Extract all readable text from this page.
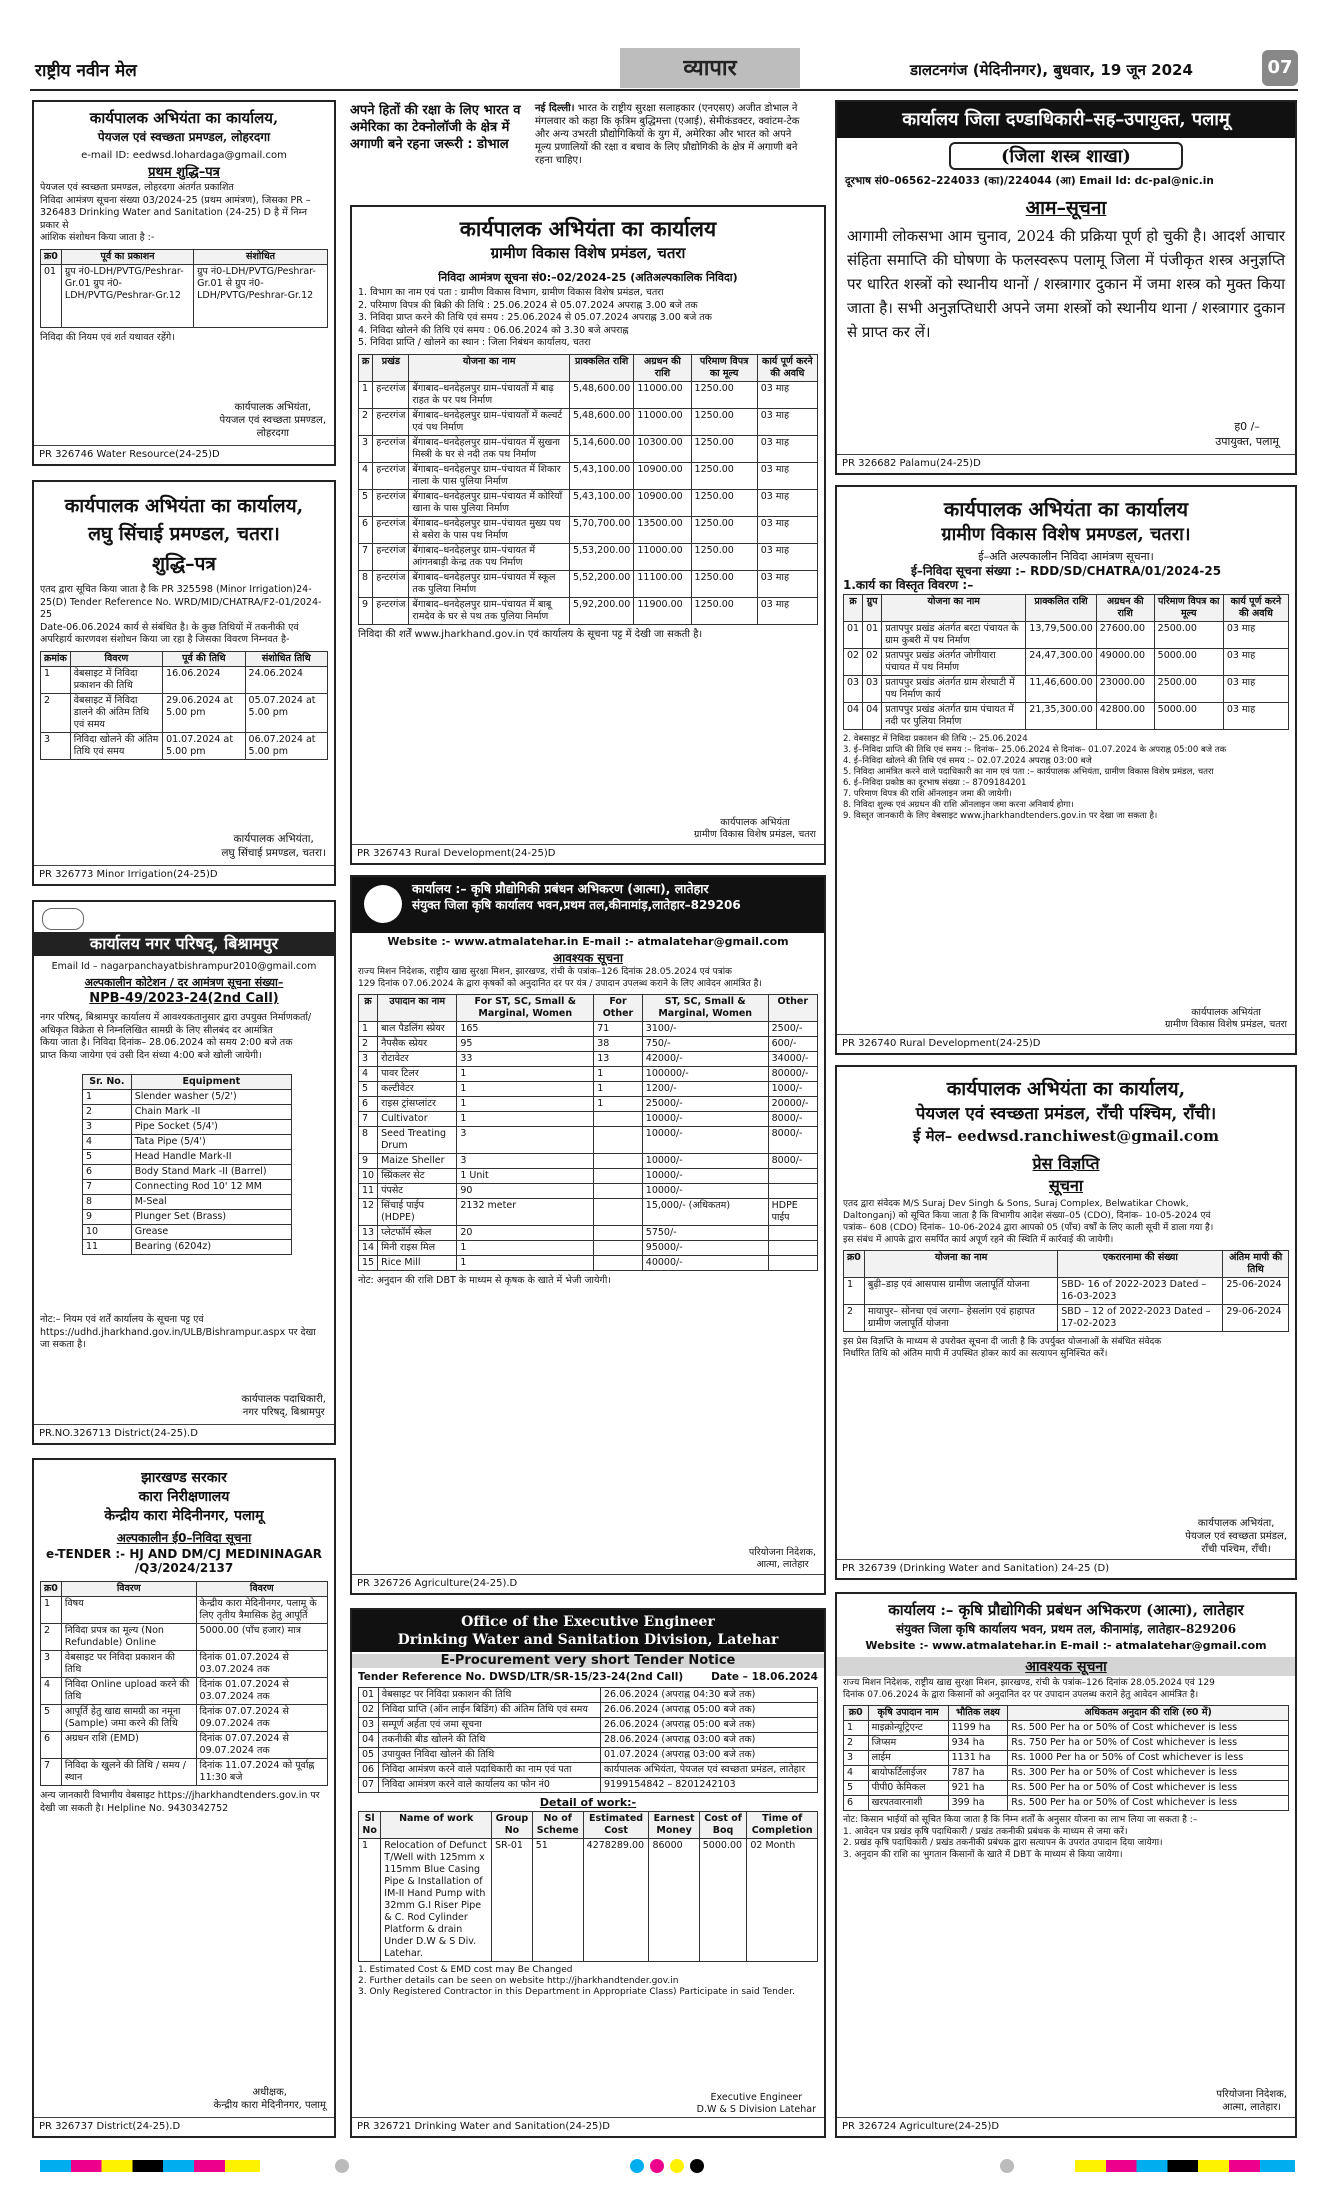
राष्ट्रीय नवीन मेल	व्यापार	डालटनगंज (मेदिनीनगर), बुधवार, 19 जून 2024	07
कार्यपालक अभियंता का कार्यालय,
पेयजल एवं स्वच्छता प्रमण्डल, लोहरदगा
e-mail ID: eedwsd.lohardaga@gmail.com
प्रथम शुद्धि–पत्र
पेयजल एवं स्वच्छता प्रमण्डल, लोहरदगा अंतर्गत प्रकाशित
निविदा आमंत्रण सूचना संख्या 03/2024-25 (प्रथम आमंत्रण), जिसका PR –
326483 Drinking Water and Sanitation (24-25) D है में निम्न प्रकार से
आंशिक संशोधन किया जाता है :-
क्र0	पूर्व का प्रकाशन	संशोधित
01	ग्रुप नं0-LDH/PVTG/Peshrar-Gr.01 ग्रुप नं0-LDH/PVTG/Peshrar-Gr.12	ग्रुप नं0-LDH/PVTG/Peshrar-Gr.01 से ग्रुप नं0-LDH/PVTG/Peshrar-Gr.12
निविदा की नियम एवं शर्त यथावत रहेंगे।
कार्यपालक अभियंता,
पेयजल एवं स्वच्छता प्रमण्डल,
लोहरदगा
PR 326746 Water Resource(24-25)D
कार्यपालक अभियंता का कार्यालय,
लघु सिंचाई प्रमण्डल, चतरा।
शुद्धि–पत्र
एतद द्वारा सूचित किया जाता है कि PR 325598 (Minor Irrigation)24-
25(D) Tender Reference No. WRD/MID/CHATRA/F2-01/2024-25
Date-06.06.2024 कार्य से संबंधित है। के कुछ तिथियों में तकनीकी एवं
अपरिहार्य कारणवश संशोधन किया जा रहा है जिसका विवरण निम्नवत है-
क्रमांक	विवरण	पूर्व की तिथि	संशोधित तिथि
1	वेबसाइट में निविदा प्रकाशन की तिथि	16.06.2024	24.06.2024
2	वेबसाइट में निविदा डालने की अंतिम तिथि एवं समय	29.06.2024 at 5.00 pm	05.07.2024 at 5.00 pm
3	निविदा खोलने की अंतिम तिथि एवं समय	01.07.2024 at 5.00 pm	06.07.2024 at 5.00 pm
कार्यपालक अभियंता,
लघु सिंचाई प्रमण्डल, चतरा।
PR 326773 Minor Irrigation(24-25)D
कार्यालय नगर परिषद्, बिश्रामपुर
Email Id – nagarpanchayatbishrampur2010@gmail.com
अल्पकालीन कोटेशन / दर आमंत्रण सूचना संख्या–
NPB-49/2023-24(2nd Call)
नगर परिषद्, बिश्रामपुर कार्यालय में आवश्यकतानुसार द्वारा उपयुक्त निर्माणकर्ता/
अधिकृत विक्रेता से निम्नलिखित सामग्री के लिए सीलबंद दर आमंत्रित
किया जाता है। निविदा दिनांक– 28.06.2024 को समय 2:00 बजे तक
प्राप्त किया जायेगा एवं उसी दिन संध्या 4:00 बजे खोली जायेगी।
Sr. No.	Equipment
1	Slender washer (5/2')
2	Chain Mark -II
3	Pipe Socket (5/4')
4	Tata Pipe (5/4')
5	Head Handle Mark-II
6	Body Stand Mark -II (Barrel)
7	Connecting Rod 10' 12 MM
8	M-Seal
9	Plunger Set (Brass)
10	Grease
11	Bearing (6204z)
नोट:– नियम एवं शर्तें कार्यालय के सूचना पट्ट एवं https://udhd.jharkhand.gov.in/ULB/Bishrampur.aspx पर देखा जा सकता है।
कार्यपालक पदाधिकारी,
नगर परिषद्, बिश्रामपुर
PR.NO.326713 District(24-25).D
झारखण्ड सरकार
कारा निरीक्षणालय
केन्द्रीय कारा मेदिनीनगर, पलामू
अल्पकालीन ई0–निविदा सूचना
e-TENDER :- HJ AND DM/CJ MEDININAGAR /Q3/2024/2137
क्र0	विवरण	विवरण
1	विषय	केन्द्रीय कारा मेदिनीनगर, पलामू के लिए तृतीय त्रैमासिक हेतु आपूर्ति
2	निविदा प्रपत्र का मूल्य (Non Refundable) Online	5000.00 (पाँच हजार) मात्र
3	वेबसाइट पर निविदा प्रकाशन की तिथि	दिनांक 01.07.2024 से 03.07.2024 तक
4	निविदा Online upload करने की तिथि	दिनांक 01.07.2024 से 03.07.2024 तक
5	आपूर्ति हेतु खाद्य सामग्री का नमूना (Sample) जमा करने की तिथि	दिनांक 07.07.2024 से 09.07.2024 तक
6	अग्रधन राशि (EMD)	दिनांक 07.07.2024 से 09.07.2024 तक
7	निविदा के खुलने की तिथि / समय / स्थान	दिनांक 11.07.2024 को पूर्वाह्न 11:30 बजे
अन्य जानकारी विभागीय वेबसाइट https://jharkhandtenders.gov.in पर देखी जा सकती है। Helpline No. 9430342752
अधीक्षक,
केन्द्रीय कारा मेदिनीनगर, पलामू
PR 326737 District(24-25).D
अपने हितों की रक्षा के लिए भारत व अमेरिका का टेक्नोलॉजी के क्षेत्र में अगाणी बने रहना जरूरी : डोभाल
नई दिल्ली। भारत के राष्ट्रीय सुरक्षा सलाहकार (एनएसए) अजीत डोभाल ने मंगलवार को कहा कि कृत्रिम बुद्धिमत्ता (एआई), सेमीकंडक्टर, क्वांटम-टेक और अन्य उभरती प्रौद्योगिकियों के युग में, अमेरिका और भारत को अपने मूल्य प्रणालियों की रक्षा व बचाव के लिए प्रौद्योगिकी के क्षेत्र में अगाणी बने रहना चाहिए।
कार्यपालक अभियंता का कार्यालय
ग्रामीण विकास विशेष प्रमंडल, चतरा
निविदा आमंत्रण सूचना सं0:–02/2024-25 (अतिअल्पकालिक निविदा)
1. विभाग का नाम एवं पता : ग्रामीण विकास विभाग, ग्रामीण विकास विशेष प्रमंडल, चतरा
2. परिमाण विपत्र की बिक्री की तिथि : 25.06.2024 से 05.07.2024 अपराह्न 3.00 बजे तक
3. निविदा प्राप्त करने की तिथि एवं समय : 25.06.2024 से 05.07.2024 अपराह्न 3.00 बजे तक
4. निविदा खोलने की तिथि एवं समय : 06.06.2024 को 3.30 बजे अपराह्न
5. निविदा प्राप्ति / खोलने का स्थान : जिला निबंधन कार्यालय, चतरा
क्र	प्रखंड	योजना का नाम	प्राक्कलित राशि	अग्रधन की राशि	परिमाण विपत्र का मूल्य	कार्य पूर्ण करने की अवधि
1	हन्टरगंज	बेंगाबाद–धनदेहलपुर ग्राम–पंचायतों में बाढ़ राहत के पर पथ निर्माण	5,48,600.00	11000.00	1250.00	03 माह
2	हन्टरगंज	बेंगाबाद–धनदेहलपुर ग्राम–पंचायतों में कल्वर्ट एवं पथ निर्माण	5,48,600.00	11000.00	1250.00	03 माह
3	हन्टरगंज	बेंगाबाद–धनदेहलपुर ग्राम–पंचायत में सुखना मिस्त्री के घर से नदी तक पथ निर्माण	5,14,600.00	10300.00	1250.00	03 माह
4	हन्टरगंज	बेंगाबाद–धनदेहलपुर ग्राम–पंचायत में शिकार नाला के पास पुलिया निर्माण	5,43,100.00	10900.00	1250.00	03 माह
5	हन्टरगंज	बेंगाबाद–धनदेहलपुर ग्राम–पंचायत में कोरियाँ खाना के पास पुलिया निर्माण	5,43,100.00	10900.00	1250.00	03 माह
6	हन्टरगंज	बेंगाबाद–धनदेहलपुर ग्राम–पंचायत मुख्य पथ से बसेरा के पास पथ निर्माण	5,70,700.00	13500.00	1250.00	03 माह
7	हन्टरगंज	बेंगाबाद–धनदेहलपुर ग्राम–पंचायत में आंगनबाड़ी केन्द्र तक पथ निर्माण	5,53,200.00	11000.00	1250.00	03 माह
8	हन्टरगंज	बेंगाबाद–धनदेहलपुर ग्राम–पंचायत में स्कूल तक पुलिया निर्माण	5,52,200.00	11100.00	1250.00	03 माह
9	हन्टरगंज	बेंगाबाद–धनदेहलपुर ग्राम–पंचायत में बाबू रामदेव के घर से पथ तक पुलिया निर्माण	5,92,200.00	11900.00	1250.00	03 माह
निविदा की शर्तें www.jharkhand.gov.in एवं कार्यालय के सूचना पट्ट में देखी जा सकती है।
कार्यपालक अभियंता
ग्रामीण विकास विशेष प्रमंडल, चतरा
PR 326743 Rural Development(24-25)D
कार्यालय :– कृषि प्रौद्योगिकी प्रबंधन अभिकरण (आत्मा), लातेहार
संयुक्त जिला कृषि कार्यालय भवन,प्रथम तल,कीनामांड़,लातेहार–829206
Website :- www.atmalatehar.in E-mail :- atmalatehar@gmail.com
आवश्यक सूचना
राज्य मिशन निदेशक, राष्ट्रीय खाद्य सुरक्षा मिशन, झारखण्ड, रांची के पत्रांक–126 दिनांक 28.05.2024 एवं पत्रांक
129 दिनांक 07.06.2024 के द्वारा कृषकों को अनुदानित दर पर यंत्र / उपादान उपलब्ध कराने के लिए आवेदन आमंत्रित है।
क्र	उपादान का नाम	For ST, SC, Small & Marginal, Women	For Other	ST, SC, Small & Marginal, Women	Other
1	बाल पैडलिंग स्प्रेयर	165	71	3100/-	2500/-
2	नैपसैक स्प्रेयर	95	38	750/-	600/-
3	रोटावेटर	33	13	42000/-	34000/-
4	पावर टिलर	1	1	100000/-	80000/-
5	कल्टीवेटर	1	1	1200/-	1000/-
6	राइस ट्रांसप्लांटर	1	1	25000/-	20000/-
7	Cultivator	1		10000/-	8000/-
8	Seed Treating Drum	3		10000/-	8000/-
9	Maize Sheller	3		10000/-	8000/-
10	स्प्रिंकलर सेट	1 Unit		10000/-	
11	पंपसेट	90		10000/-	
12	सिंचाई पाईप (HDPE)	2132 meter		15,000/- (अधिकतम)	HDPE पाईप
13	प्लेटफॉर्म स्केल	20		5750/-	
14	मिनी राइस मिल	1		95000/-	
15	Rice Mill	1		40000/-	
नोट: अनुदान की राशि DBT के माध्यम से कृषक के खाते में भेजी जायेगी।
परियोजना निदेशक,
आत्मा, लातेहार
PR 326726 Agriculture(24-25).D
Office of the Executive Engineer
Drinking Water and Sanitation Division, Latehar
E-Procurement very short Tender Notice
Tender Reference No. DWSD/LTR/SR-15/23-24(2nd Call)	Date – 18.06.2024
01	वेबसाइट पर निविदा प्रकाशन की तिथि	26.06.2024 (अपराह्न 04:30 बजे तक)
02	निविदा प्राप्ति (ऑन लाईन बिडिंग) की अंतिम तिथि एवं समय	26.06.2024 (अपराह्न 05:00 बजे तक)
03	सम्पूर्ण अर्हता एवं जमा सूचना	26.06.2024 (अपराह्न 05:00 बजे तक)
04	तकनीकी बीड खोलने की तिथि	28.06.2024 (अपराह्न 03:00 बजे तक)
05	उपायुक्त निविदा खोलने की तिथि	01.07.2024 (अपराह्न 03:00 बजे तक)
06	निविदा आमंत्रण करने वाले पदाधिकारी का नाम एवं पता	कार्यपालक अभियंता, पेयजल एवं स्वच्छता प्रमंडल, लातेहार
07	निविदा आमंत्रण करने वाले कार्यालय का फोन नं0	9199154842 – 8201242103
Detail of work:-
Sl No	Name of work	Group No	No of Scheme	Estimated Cost	Earnest Money	Cost of Boq	Time of Completion
1	Relocation of Defunct T/Well with 125mm x 115mm Blue Casing Pipe & Installation of IM-II Hand Pump with 32mm G.I Riser Pipe & C. Rod Cylinder Platform & drain Under D.W & S Div. Latehar.	SR-01	51	4278289.00	86000	5000.00	02 Month
1. Estimated Cost & EMD cost may Be Changed
2. Further details can be seen on website http://jharkhandtender.gov.in
3. Only Registered Contractor in this Department in Appropriate Class) Participate in said Tender.
Executive Engineer
D.W & S Division Latehar
PR 326721 Drinking Water and Sanitation(24-25)D
कार्यालय जिला दण्डाधिकारी–सह–उपायुक्त, पलामू
(जिला शस्त्र शाखा)
दूरभाष सं0–06562–224033 (का)/224044 (आ) Email Id: dc-pal@nic.in
आम–सूचना
आगामी लोकसभा आम चुनाव, 2024 की प्रक्रिया पूर्ण हो चुकी है। आदर्श आचार संहिता समाप्ति की घोषणा के फलस्वरूप पलामू जिला में पंजीकृत शस्त्र अनुज्ञप्ति पर धारित शस्त्रों को स्थानीय थानों / शस्त्रागार दुकान में जमा शस्त्र को मुक्त किया जाता है। सभी अनुज्ञप्तिधारी अपने जमा शस्त्रों को स्थानीय थाना / शस्त्रागार दुकान से प्राप्त कर लें।
ह0 /–
उपायुक्त, पलामू
PR 326682 Palamu(24-25)D
कार्यपालक अभियंता का कार्यालय
ग्रामीण विकास विशेष प्रमण्डल, चतरा।
ई–अति अल्पकालीन निविदा आमंत्रण सूचना।
ई–निविदा सूचना संख्या :– RDD/SD/CHATRA/01/2024-25
1.कार्य का विस्तृत विवरण :–
क्र	ग्रुप	योजना का नाम	प्राक्कलित राशि	अग्रधन की राशि	परिमाण विपत्र का मूल्य	कार्य पूर्ण करने की अवधि
01	01	प्रतापपुर प्रखंड अंतर्गत बरटा पंचायत के ग्राम कुबरी में पथ निर्माण	13,79,500.00	27600.00	2500.00	03 माह
02	02	प्रतापपुर प्रखंड अंतर्गत जोगीयारा पंचायत में पथ निर्माण	24,47,300.00	49000.00	5000.00	03 माह
03	03	प्रतापपुर प्रखंड अंतर्गत ग्राम शेरघाटी में पथ निर्माण कार्य	11,46,600.00	23000.00	2500.00	03 माह
04	04	प्रतापपुर प्रखंड अंतर्गत ग्राम पंचायत में नदी पर पुलिया निर्माण	21,35,300.00	42800.00	5000.00	03 माह
2. वेबसाइट में निविदा प्रकाशन की तिथि :– 25.06.2024
3. ई–निविदा प्राप्ति की तिथि एवं समय :– दिनांक– 25.06.2024 से दिनांक– 01.07.2024 के अपराह्न 05:00 बजे तक
4. ई–निविदा खोलने की तिथि एवं समय :– 02.07.2024 अपराह्न 03:00 बजे
5. निविदा आमंत्रित करने वाले पदाधिकारी का नाम एवं पता :– कार्यपालक अभियंता, ग्रामीण विकास विशेष प्रमंडल, चतरा
6. ई–निविदा प्रकोष्ठ का दूरभाष संख्या :– 8709184201
7. परिमाण विपत्र की राशि ऑनलाइन जमा की जायेगी।
8. निविदा शुल्क एवं अग्रधन की राशि ऑनलाइन जमा करना अनिवार्य होगा।
9. विस्तृत जानकारी के लिए वेबसाइट www.jharkhandtenders.gov.in पर देखा जा सकता है।
कार्यपालक अभियंता
ग्रामीण विकास विशेष प्रमंडल, चतरा
PR 326740 Rural Development(24-25)D
कार्यपालक अभियंता का कार्यालय,
पेयजल एवं स्वच्छता प्रमंडल, रॉंची पश्चिम, रॉंची।
ई मेल– eedwsd.ranchiwest@gmail.com
प्रेस विज्ञप्ति
सूचना
एतद द्वारा संवेदक M/S Suraj Dev Singh & Sons, Suraj Complex, Belwatikar Chowk,
Daltonganj) को सूचित किया जाता है कि विभागीय आदेश संख्या–05 (CDO), दिनांक– 10-05-2024 एवं
पत्रांक– 608 (CDO) दिनांक– 10-06-2024 द्वारा आपको 05 (पाँच) वर्षों के लिए काली सूची में डाला गया है।
इस संबंध में आपके द्वारा समर्पित कार्य अपूर्ण रहने की स्थिति में कार्रवाई की जायेगी।
क्र0	योजना का नाम	एकरारनामा की संख्या	अंतिम मापी की तिथि
1	बुढ़ी–डाड़ एवं आसपास ग्रामीण जलापूर्ति योजना	SBD- 16 of 2022-2023 Dated – 16-03-2023	25-06-2024
2	मायापुर– सोनचा एवं जरगा– हेसलांग एवं हाहापत ग्रामीण जलापूर्ति योजना	SBD – 12 of 2022-2023 Dated – 17-02-2023	29-06-2024
इस प्रेस विज्ञप्ति के माध्यम से उपरोक्त सूचना दी जाती है कि उपर्युक्त योजनाओं के संबंधित संवेदक
निर्धारित तिथि को अंतिम मापी में उपस्थित होकर कार्य का सत्यापन सुनिश्चित करें।
कार्यपालक अभियंता,
पेयजल एवं स्वच्छता प्रमंडल,
रॉंची पश्चिम, रॉंची।
PR 326739 (Drinking Water and Sanitation) 24-25 (D)
कार्यालय :– कृषि प्रौद्योगिकी प्रबंधन अभिकरण (आत्मा), लातेहार
संयुक्त जिला कृषि कार्यालय भवन, प्रथम तल, कीनामांड़, लातेहार–829206
Website :- www.atmalatehar.in E-mail :- atmalatehar@gmail.com
आवश्यक सूचना
राज्य मिशन निदेशक, राष्ट्रीय खाद्य सुरक्षा मिशन, झारखण्ड, रांची के पत्रांक–126 दिनांक 28.05.2024 एवं 129
दिनांक 07.06.2024 के द्वारा किसानों को अनुदानित दर पर उपादान उपलब्ध कराने हेतु आवेदन आमंत्रित है।
क्र0	कृषि उपादान नाम	भौतिक लक्ष्य	अधिकतम अनुदान की राशि (रु0 में)
1	माइक्रोन्यूट्रिएन्ट	1199 ha	Rs. 500 Per ha or 50% of Cost whichever is less
2	जिप्सम	934 ha	Rs. 750 Per ha or 50% of Cost whichever is less
3	लाईम	1131 ha	Rs. 1000 Per ha or 50% of Cost whichever is less
4	बायोफर्टिलाईजर	787 ha	Rs. 300 Per ha or 50% of Cost whichever is less
5	पीपी0 केमिकल	921 ha	Rs. 500 Per ha or 50% of Cost whichever is less
6	खरपतवारनाशी	399 ha	Rs. 500 Per ha or 50% of Cost whichever is less
नोट: किसान भाईयों को सूचित किया जाता है कि निम्न शर्तों के अनुसार योजना का लाभ लिया जा सकता है :–
1. आवेदन पत्र प्रखंड कृषि पदाधिकारी / प्रखंड तकनीकी प्रबंधक के माध्यम से जमा करें।
2. प्रखंड कृषि पदाधिकारी / प्रखंड तकनीकी प्रबंधक द्वारा सत्यापन के उपरांत उपादान दिया जायेगा।
3. अनुदान की राशि का भुगतान किसानों के खाते में DBT के माध्यम से किया जायेगा।
परियोजना निदेशक,
आत्मा, लातेहार।
PR 326724 Agriculture(24-25)D
